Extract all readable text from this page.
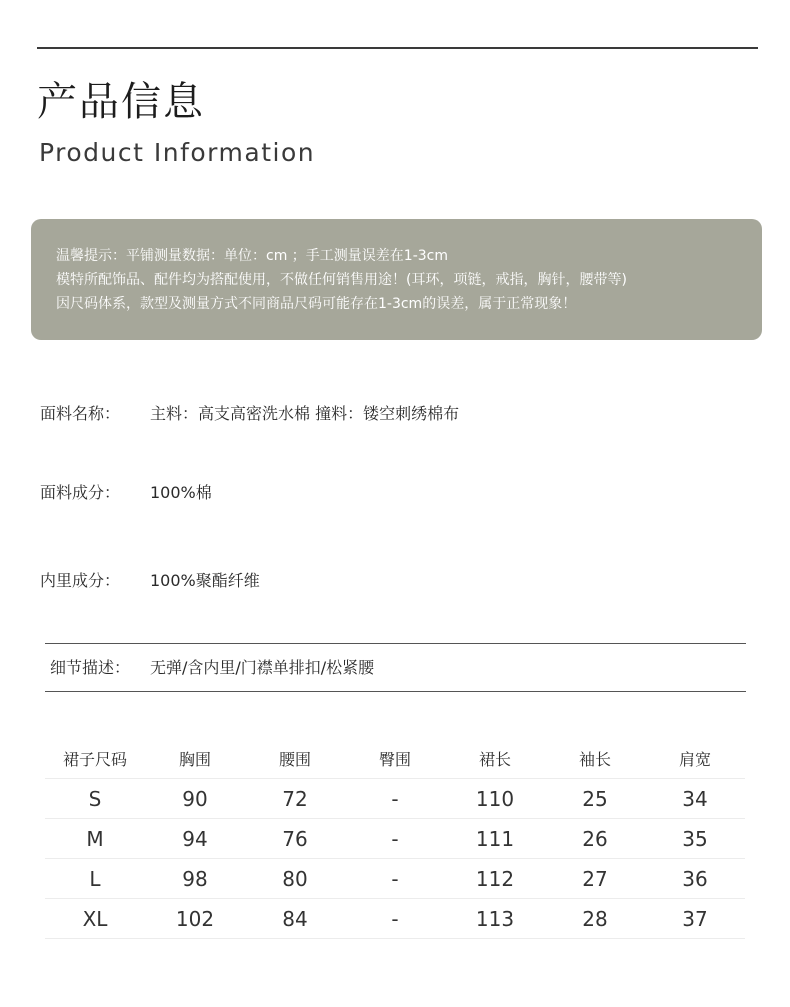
产品信息
Product Information
温馨提示：平铺测量数据：单位：cm ；手工测量误差在1-3cm
模特所配饰品、配件均为搭配使用，不做任何销售用途！(耳环，项链，戒指，胸针，腰带等)
因尺码体系，款型及测量方式不同商品尺码可能存在1-3cm的误差，属于正常现象！
面料名称： 主料：高支高密洗水棉 撞料：镂空刺绣棉布
面料成分： 100%棉
内里成分： 100%聚酯纤维
细节描述： 无弹/含内里/门襟单排扣/松紧腰
裙子尺码	胸围	腰围	臀围	裙长	袖长	肩宽
S	90	72	-	110	25	34
M	94	76	-	111	26	35
L	98	80	-	112	27	36
XL	102	84	-	113	28	37
